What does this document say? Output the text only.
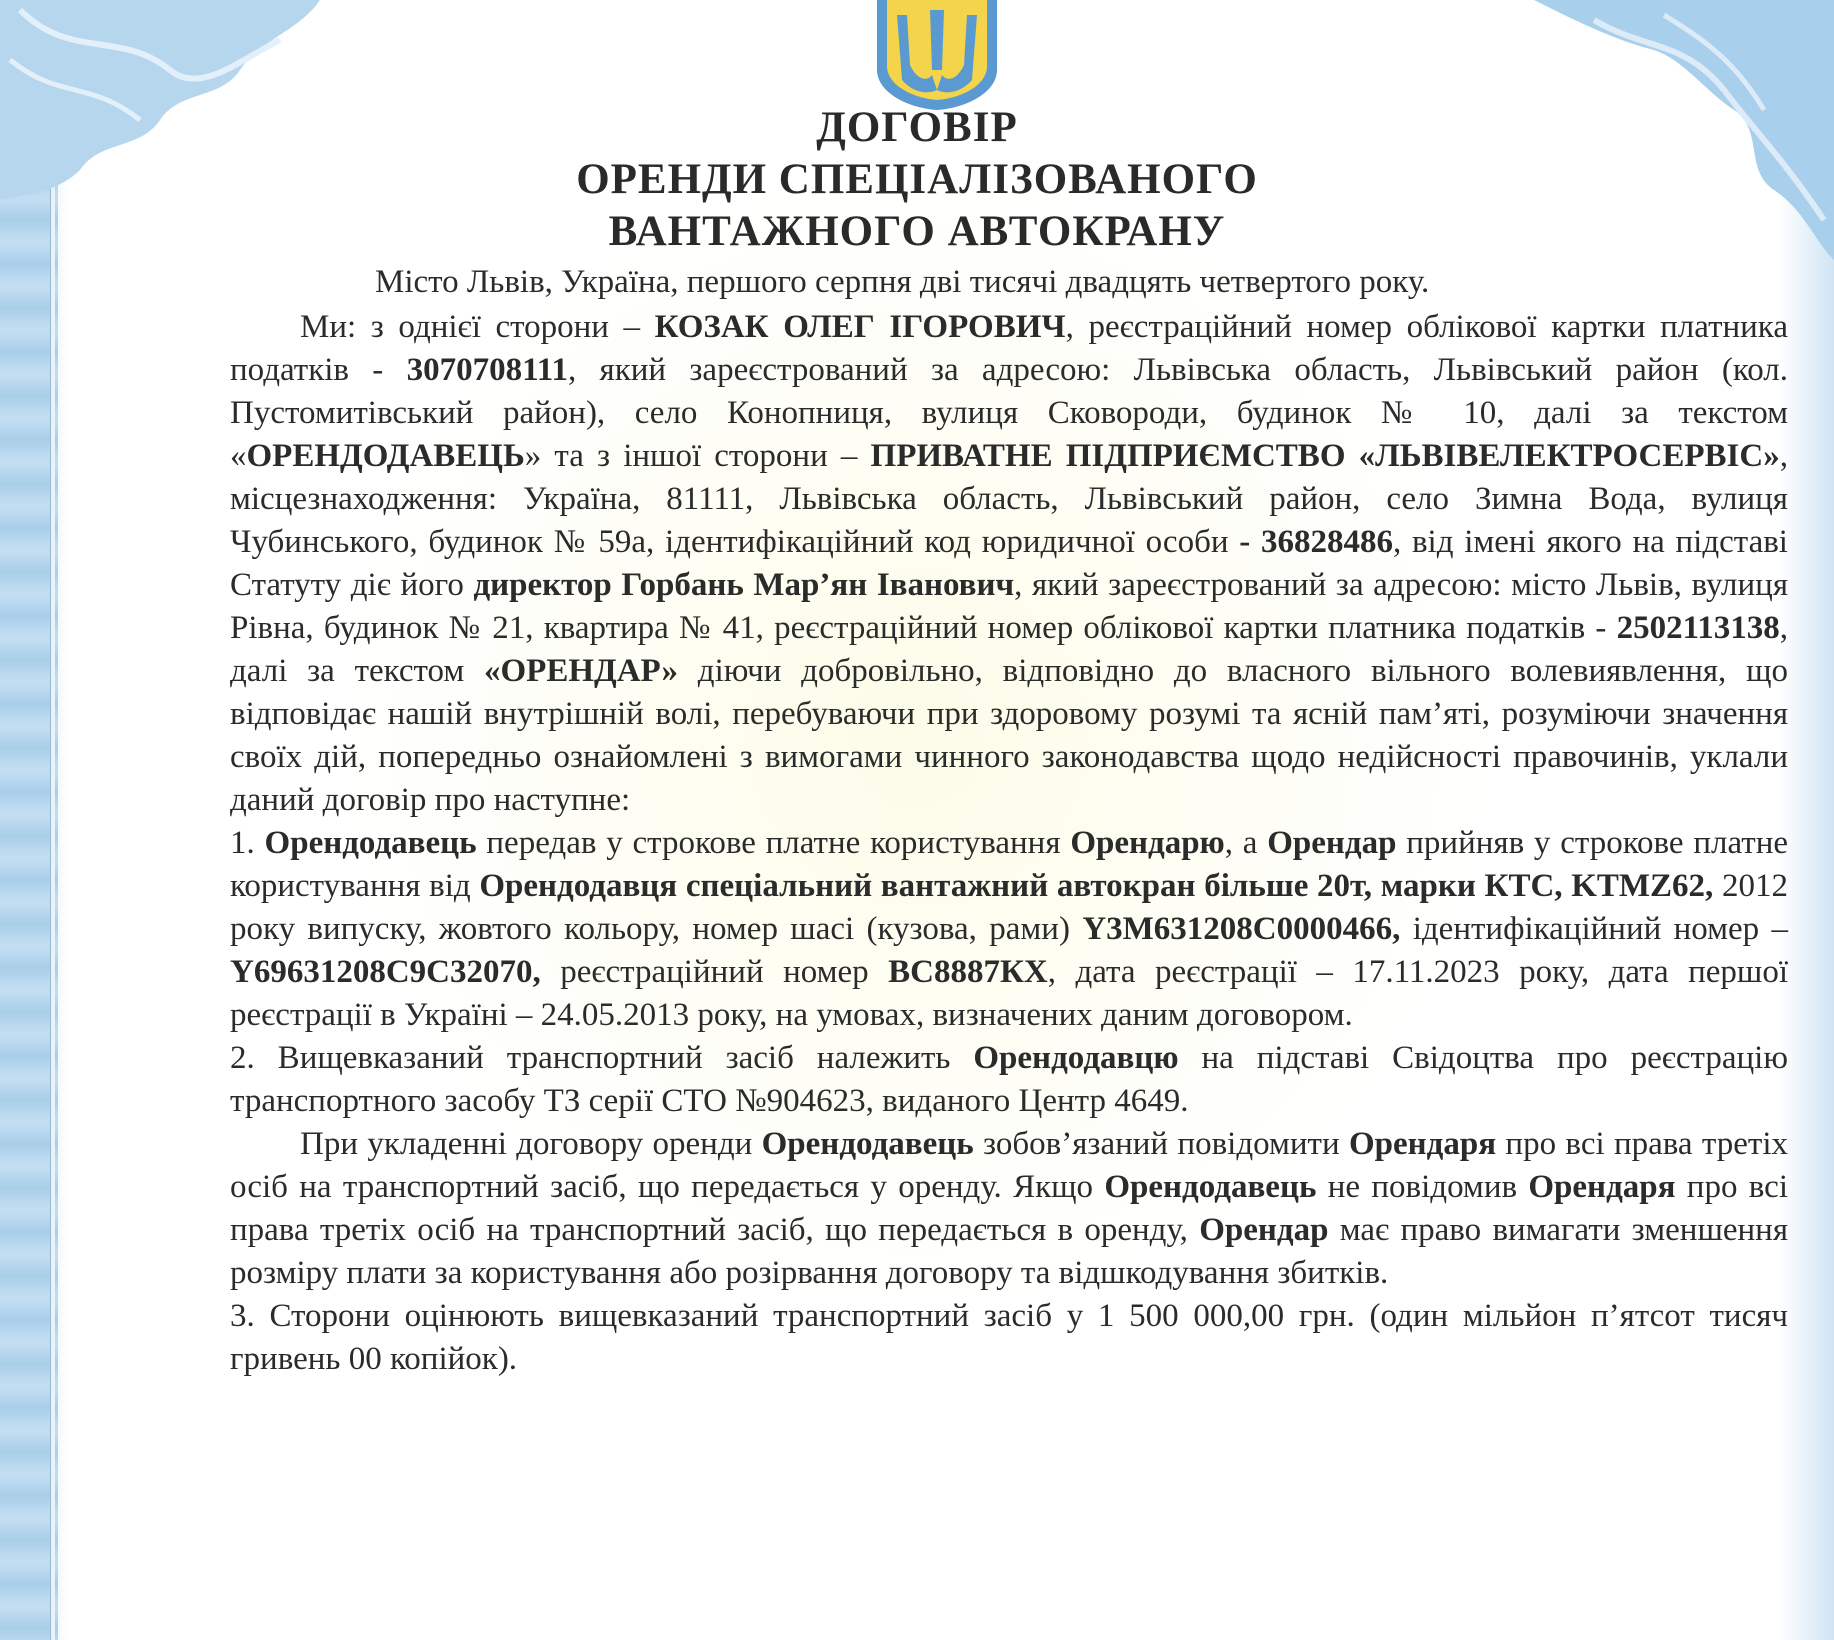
ДОГОВІР
ОРЕНДИ СПЕЦІАЛІЗОВАНОГО
ВАНТАЖНОГО АВТОКРАНУ
Місто Львів, Україна, першого серпня дві тисячі двадцять четвертого року.

Ми: з однієї сторони – КОЗАК ОЛЕГ ІГОРОВИЧ, реєстраційний номер облікової картки платника податків - 3070708111, який зареєстрований за адресою: Львівська область, Львівський район (кол. Пустомитівський район), село Конопниця, вулиця Сковороди, будинок № 10, далі за текстом «ОРЕНДОДАВЕЦЬ» та з іншої сторони – ПРИВАТНЕ ПІДПРИЄМСТВО «ЛЬВІВЕЛЕКТРОСЕРВІС», місцезнаходження: Україна, 81111, Львівська область, Львівський район, село Зимна Вода, вулиця Чубинського, будинок № 59а, ідентифікаційний код юридичної особи - 36828486, від імені якого на підставі Статуту діє його директор Горбань Мар’ян Іванович, який зареєстрований за адресою: місто Львів, вулиця Рівна, будинок № 21, квартира № 41, реєстраційний номер облікової картки платника податків - 2502113138, далі за текстом «ОРЕНДАР» діючи добровільно, відповідно до власного вільного волевиявлення, що відповідає нашій внутрішній волі, перебуваючи при здоровому розумі та ясній пам’яті, розуміючи значення своїх дій, попередньо ознайомлені з вимогами чинного законодавства щодо недійсності правочинів, уклали даний договір про наступне:

1. Орендодавець передав у строкове платне користування Орендарю, а Орендар прийняв у строкове платне користування від Орендодавця спеціальний вантажний автокран більше 20т, марки КТС, KTMZ62, 2012 року випуску, жовтого кольору, номер шасі (кузова, рами) Y3M631208C0000466, ідентифікаційний номер – Y69631208C9C32070, реєстраційний номер ВС8887КХ, дата реєстрації – 17.11.2023 року, дата першої реєстрації в Україні – 24.05.2013 року, на умовах, визначених даним договором.

2. Вищевказаний транспортний засіб належить Орендодавцю на підставі Свідоцтва про реєстрацію транспортного засобу ТЗ серії СТО №904623, виданого Центр 4649.

При укладенні договору оренди Орендодавець зобов’язаний повідомити Орендаря про всі права третіх осіб на транспортний засіб, що передається у оренду. Якщо Орендодавець не повідомив Орендаря про всі права третіх осіб на транспортний засіб, що передається в оренду, Орендар має право вимагати зменшення розміру плати за користування або розірвання договору та відшкодування збитків.

3. Сторони оцінюють вищевказаний транспортний засіб у 1 500 000,00 грн. (один мільйон п’ятсот тисяч гривень 00 копійок).
